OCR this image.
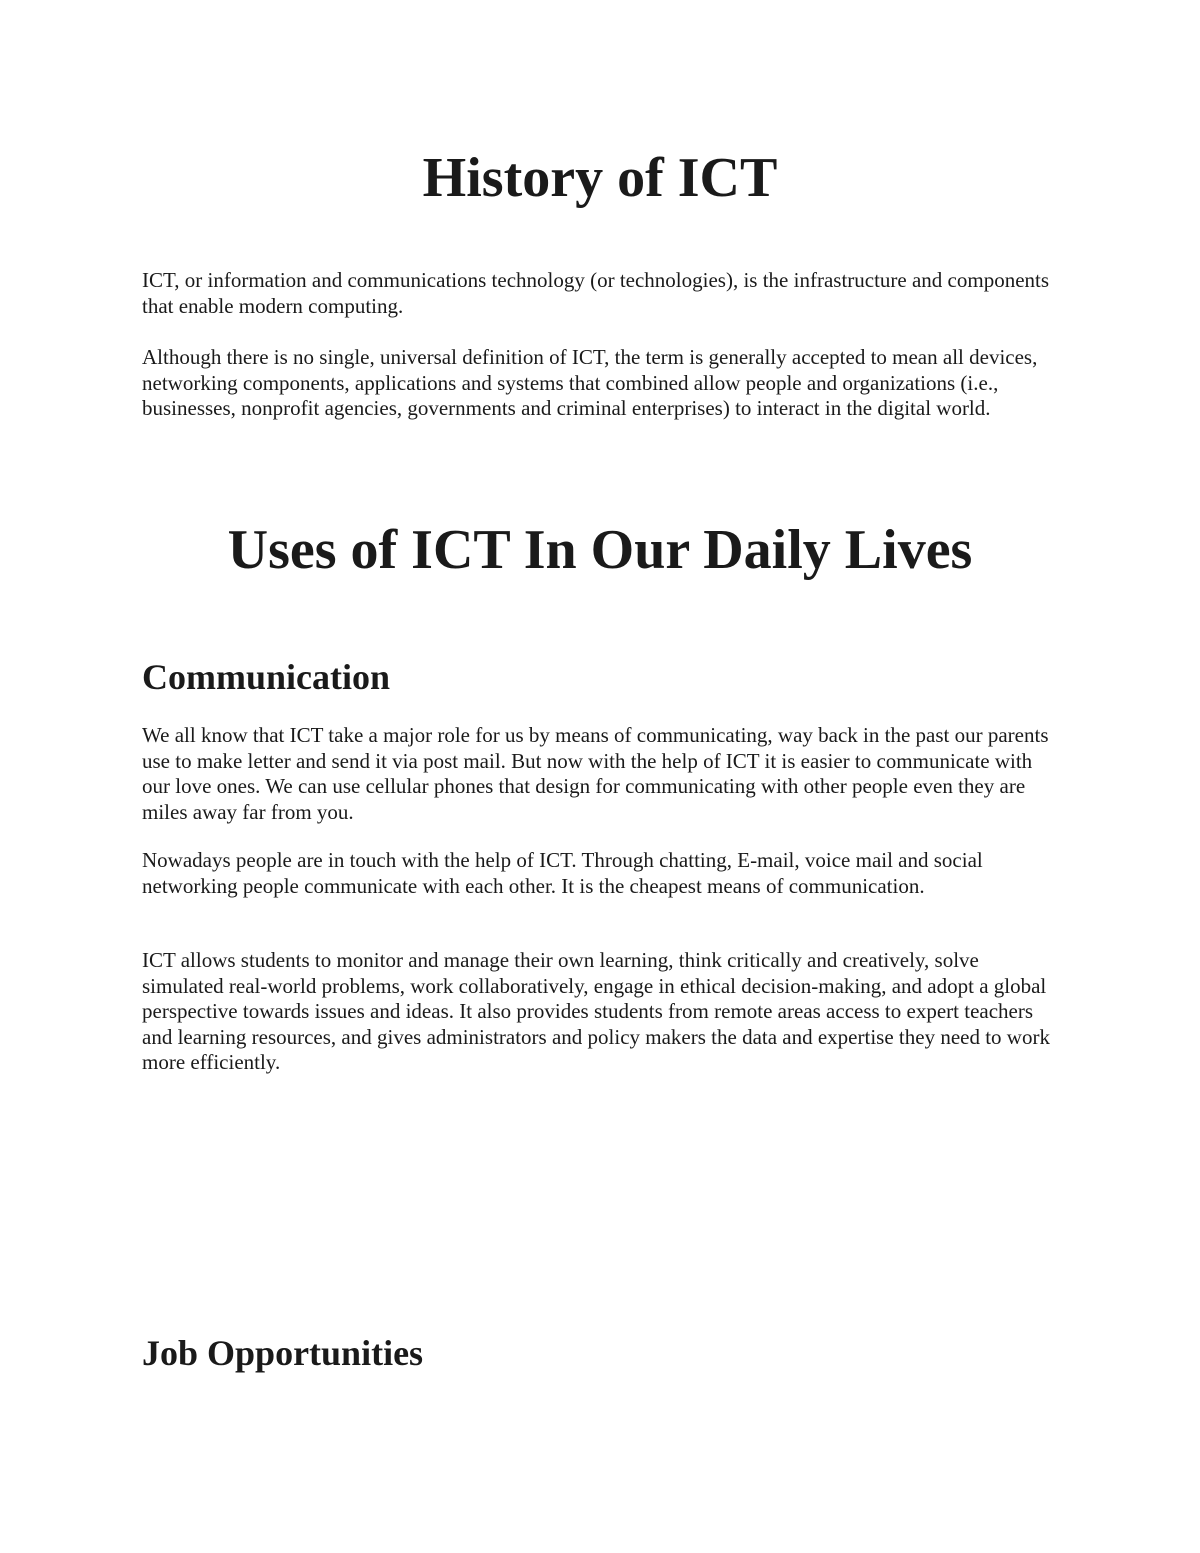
History of ICT

ICT, or information and communications technology (or technologies), is the infrastructure and components that enable modern computing.

Although there is no single, universal definition of ICT, the term is generally accepted to mean all devices, networking components, applications and systems that combined allow people and organizations (i.e., businesses, nonprofit agencies, governments and criminal enterprises) to interact in the digital world.

Uses of ICT In Our Daily Lives
Communication

We all know that ICT take a major role for us by means of communicating, way back in the past our parents use to make letter and send it via post mail. But now with the help of ICT it is easier to communicate with our love ones. We can use cellular phones that design for communicating with other people even they are miles away far from you.

Nowadays people are in touch with the help of ICT. Through chatting, E-mail, voice mail and social networking people communicate with each other. It is the cheapest means of communication.

ICT allows students to monitor and manage their own learning, think critically and creatively, solve simulated real-world problems, work collaboratively, engage in ethical decision-making, and adopt a global perspective towards issues and ideas. It also provides students from remote areas access to expert teachers and learning resources, and gives administrators and policy makers the data and expertise they need to work more efficiently.

Job Opportunities
